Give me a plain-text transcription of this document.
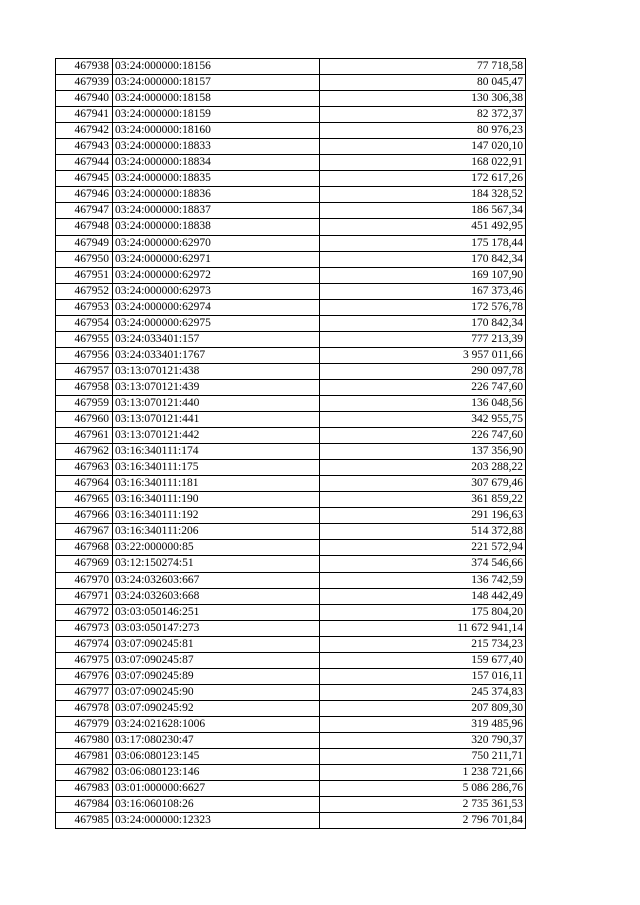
467938	03:24:000000:18156	77 718,58
467939	03:24:000000:18157	80 045,47
467940	03:24:000000:18158	130 306,38
467941	03:24:000000:18159	82 372,37
467942	03:24:000000:18160	80 976,23
467943	03:24:000000:18833	147 020,10
467944	03:24:000000:18834	168 022,91
467945	03:24:000000:18835	172 617,26
467946	03:24:000000:18836	184 328,52
467947	03:24:000000:18837	186 567,34
467948	03:24:000000:18838	451 492,95
467949	03:24:000000:62970	175 178,44
467950	03:24:000000:62971	170 842,34
467951	03:24:000000:62972	169 107,90
467952	03:24:000000:62973	167 373,46
467953	03:24:000000:62974	172 576,78
467954	03:24:000000:62975	170 842,34
467955	03:24:033401:157	777 213,39
467956	03:24:033401:1767	3 957 011,66
467957	03:13:070121:438	290 097,78
467958	03:13:070121:439	226 747,60
467959	03:13:070121:440	136 048,56
467960	03:13:070121:441	342 955,75
467961	03:13:070121:442	226 747,60
467962	03:16:340111:174	137 356,90
467963	03:16:340111:175	203 288,22
467964	03:16:340111:181	307 679,46
467965	03:16:340111:190	361 859,22
467966	03:16:340111:192	291 196,63
467967	03:16:340111:206	514 372,88
467968	03:22:000000:85	221 572,94
467969	03:12:150274:51	374 546,66
467970	03:24:032603:667	136 742,59
467971	03:24:032603:668	148 442,49
467972	03:03:050146:251	175 804,20
467973	03:03:050147:273	11 672 941,14
467974	03:07:090245:81	215 734,23
467975	03:07:090245:87	159 677,40
467976	03:07:090245:89	157 016,11
467977	03:07:090245:90	245 374,83
467978	03:07:090245:92	207 809,30
467979	03:24:021628:1006	319 485,96
467980	03:17:080230:47	320 790,37
467981	03:06:080123:145	750 211,71
467982	03:06:080123:146	1 238 721,66
467983	03:01:000000:6627	5 086 286,76
467984	03:16:060108:26	2 735 361,53
467985	03:24:000000:12323	2 796 701,84
